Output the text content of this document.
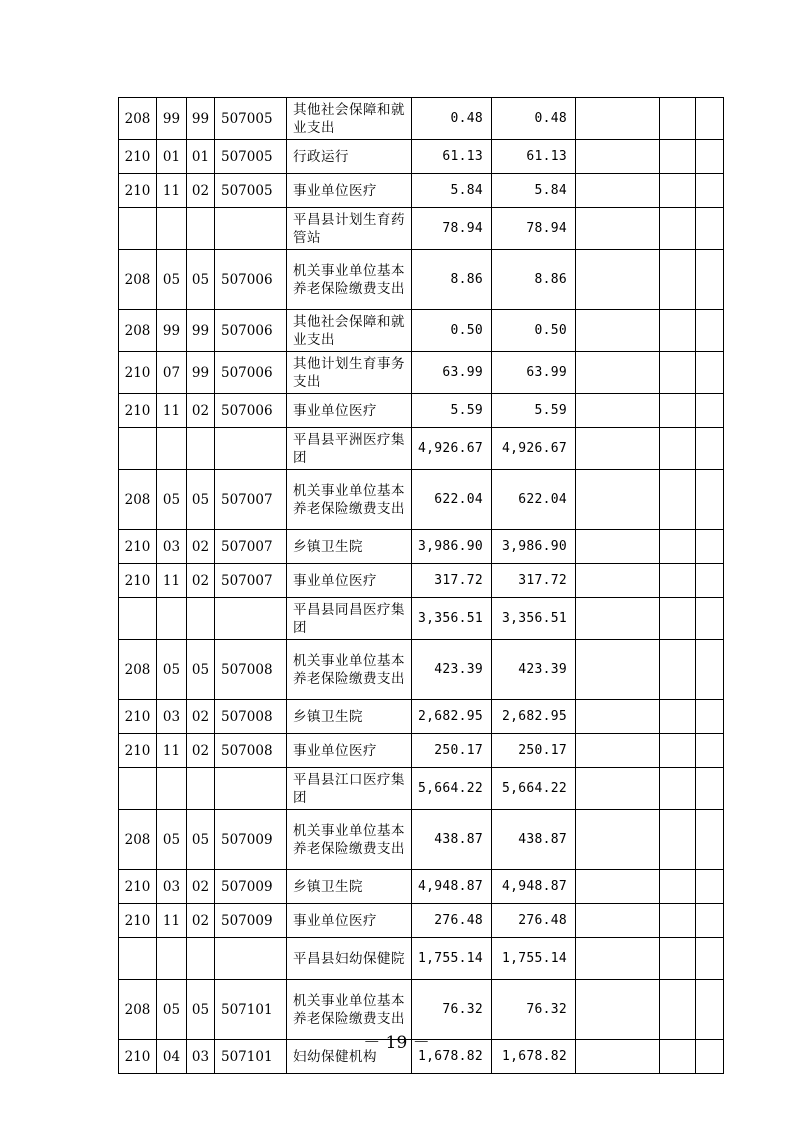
208	99	99	507005	其他社会保障和就业支出	0.48	0.48			
210	01	01	507005	行政运行	61.13	61.13			
210	11	02	507005	事业单位医疗	5.84	5.84			
				平昌县计划生育药管站	78.94	78.94			
208	05	05	507006	机关事业单位基本养老保险缴费支出	8.86	8.86			
208	99	99	507006	其他社会保障和就业支出	0.50	0.50			
210	07	99	507006	其他计划生育事务支出	63.99	63.99			
210	11	02	507006	事业单位医疗	5.59	5.59			
				平昌县平洲医疗集团	4,926.67	4,926.67			
208	05	05	507007	机关事业单位基本养老保险缴费支出	622.04	622.04			
210	03	02	507007	乡镇卫生院	3,986.90	3,986.90			
210	11	02	507007	事业单位医疗	317.72	317.72			
				平昌县同昌医疗集团	3,356.51	3,356.51			
208	05	05	507008	机关事业单位基本养老保险缴费支出	423.39	423.39			
210	03	02	507008	乡镇卫生院	2,682.95	2,682.95			
210	11	02	507008	事业单位医疗	250.17	250.17			
				平昌县江口医疗集团	5,664.22	5,664.22			
208	05	05	507009	机关事业单位基本养老保险缴费支出	438.87	438.87			
210	03	02	507009	乡镇卫生院	4,948.87	4,948.87			
210	11	02	507009	事业单位医疗	276.48	276.48			
				平昌县妇幼保健院	1,755.14	1,755.14			
208	05	05	507101	机关事业单位基本养老保险缴费支出	76.32	76.32			
210	04	03	507101	妇幼保健机构	1,678.82	1,678.82			
－ 19 －
